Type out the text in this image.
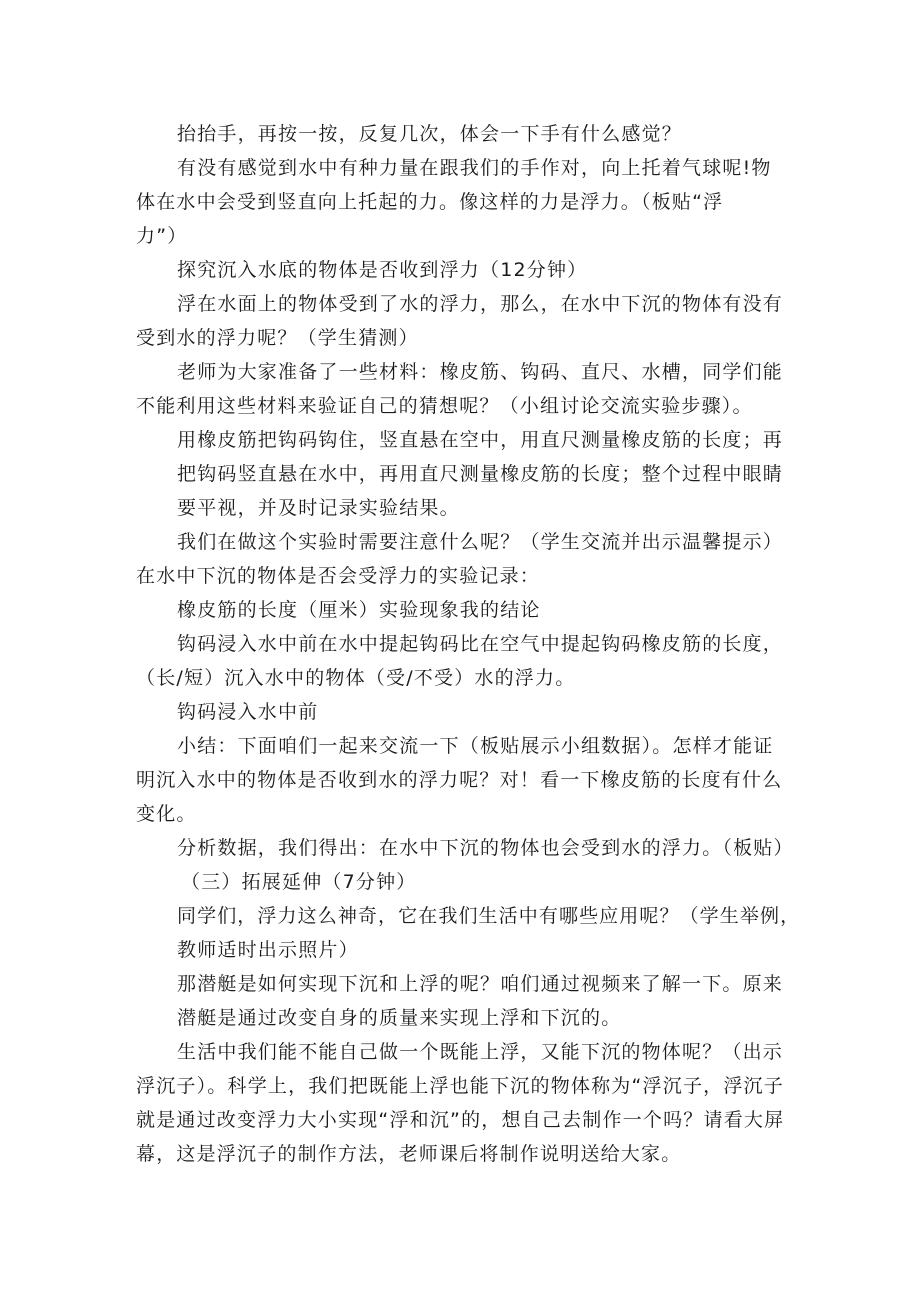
抬抬手，再按一按，反复几次，体会一下手有什么感觉？
有没有感觉到水中有种力量在跟我们的手作对，向上托着气球呢!物
体在水中会受到竖直向上托起的力。像这样的力是浮力。（板贴“浮
力”）
探究沉入水底的物体是否收到浮力（12分钟）
浮在水面上的物体受到了水的浮力，那么，在水中下沉的物体有没有
受到水的浮力呢？（学生猜测）
老师为大家准备了一些材料：橡皮筋、钩码、直尺、水槽，同学们能
不能利用这些材料来验证自己的猜想呢？（小组讨论交流实验步骤）。
用橡皮筋把钩码钩住，竖直悬在空中，用直尺测量橡皮筋的长度；再
把钩码竖直悬在水中，再用直尺测量橡皮筋的长度；整个过程中眼睛
要平视，并及时记录实验结果。
我们在做这个实验时需要注意什么呢？（学生交流并出示温馨提示）
在水中下沉的物体是否会受浮力的实验记录：
橡皮筋的长度（厘米）实验现象我的结论
钩码浸入水中前在水中提起钩码比在空气中提起钩码橡皮筋的长度，
（长/短）沉入水中的物体（受/不受）水的浮力。
钩码浸入水中前
小结：下面咱们一起来交流一下（板贴展示小组数据）。怎样才能证
明沉入水中的物体是否收到水的浮力呢？对！看一下橡皮筋的长度有什么
变化。
分析数据，我们得出：在水中下沉的物体也会受到水的浮力。（板贴）
（三）拓展延伸（7分钟）
同学们，浮力这么神奇，它在我们生活中有哪些应用呢？（学生举例，
教师适时出示照片）
那潜艇是如何实现下沉和上浮的呢？咱们通过视频来了解一下。原来
潜艇是通过改变自身的质量来实现上浮和下沉的。
生活中我们能不能自己做一个既能上浮，又能下沉的物体呢？（出示
浮沉子）。科学上，我们把既能上浮也能下沉的物体称为“浮沉子，浮沉子
就是通过改变浮力大小实现“浮和沉”的，想自己去制作一个吗？请看大屏
幕，这是浮沉子的制作方法，老师课后将制作说明送给大家。
